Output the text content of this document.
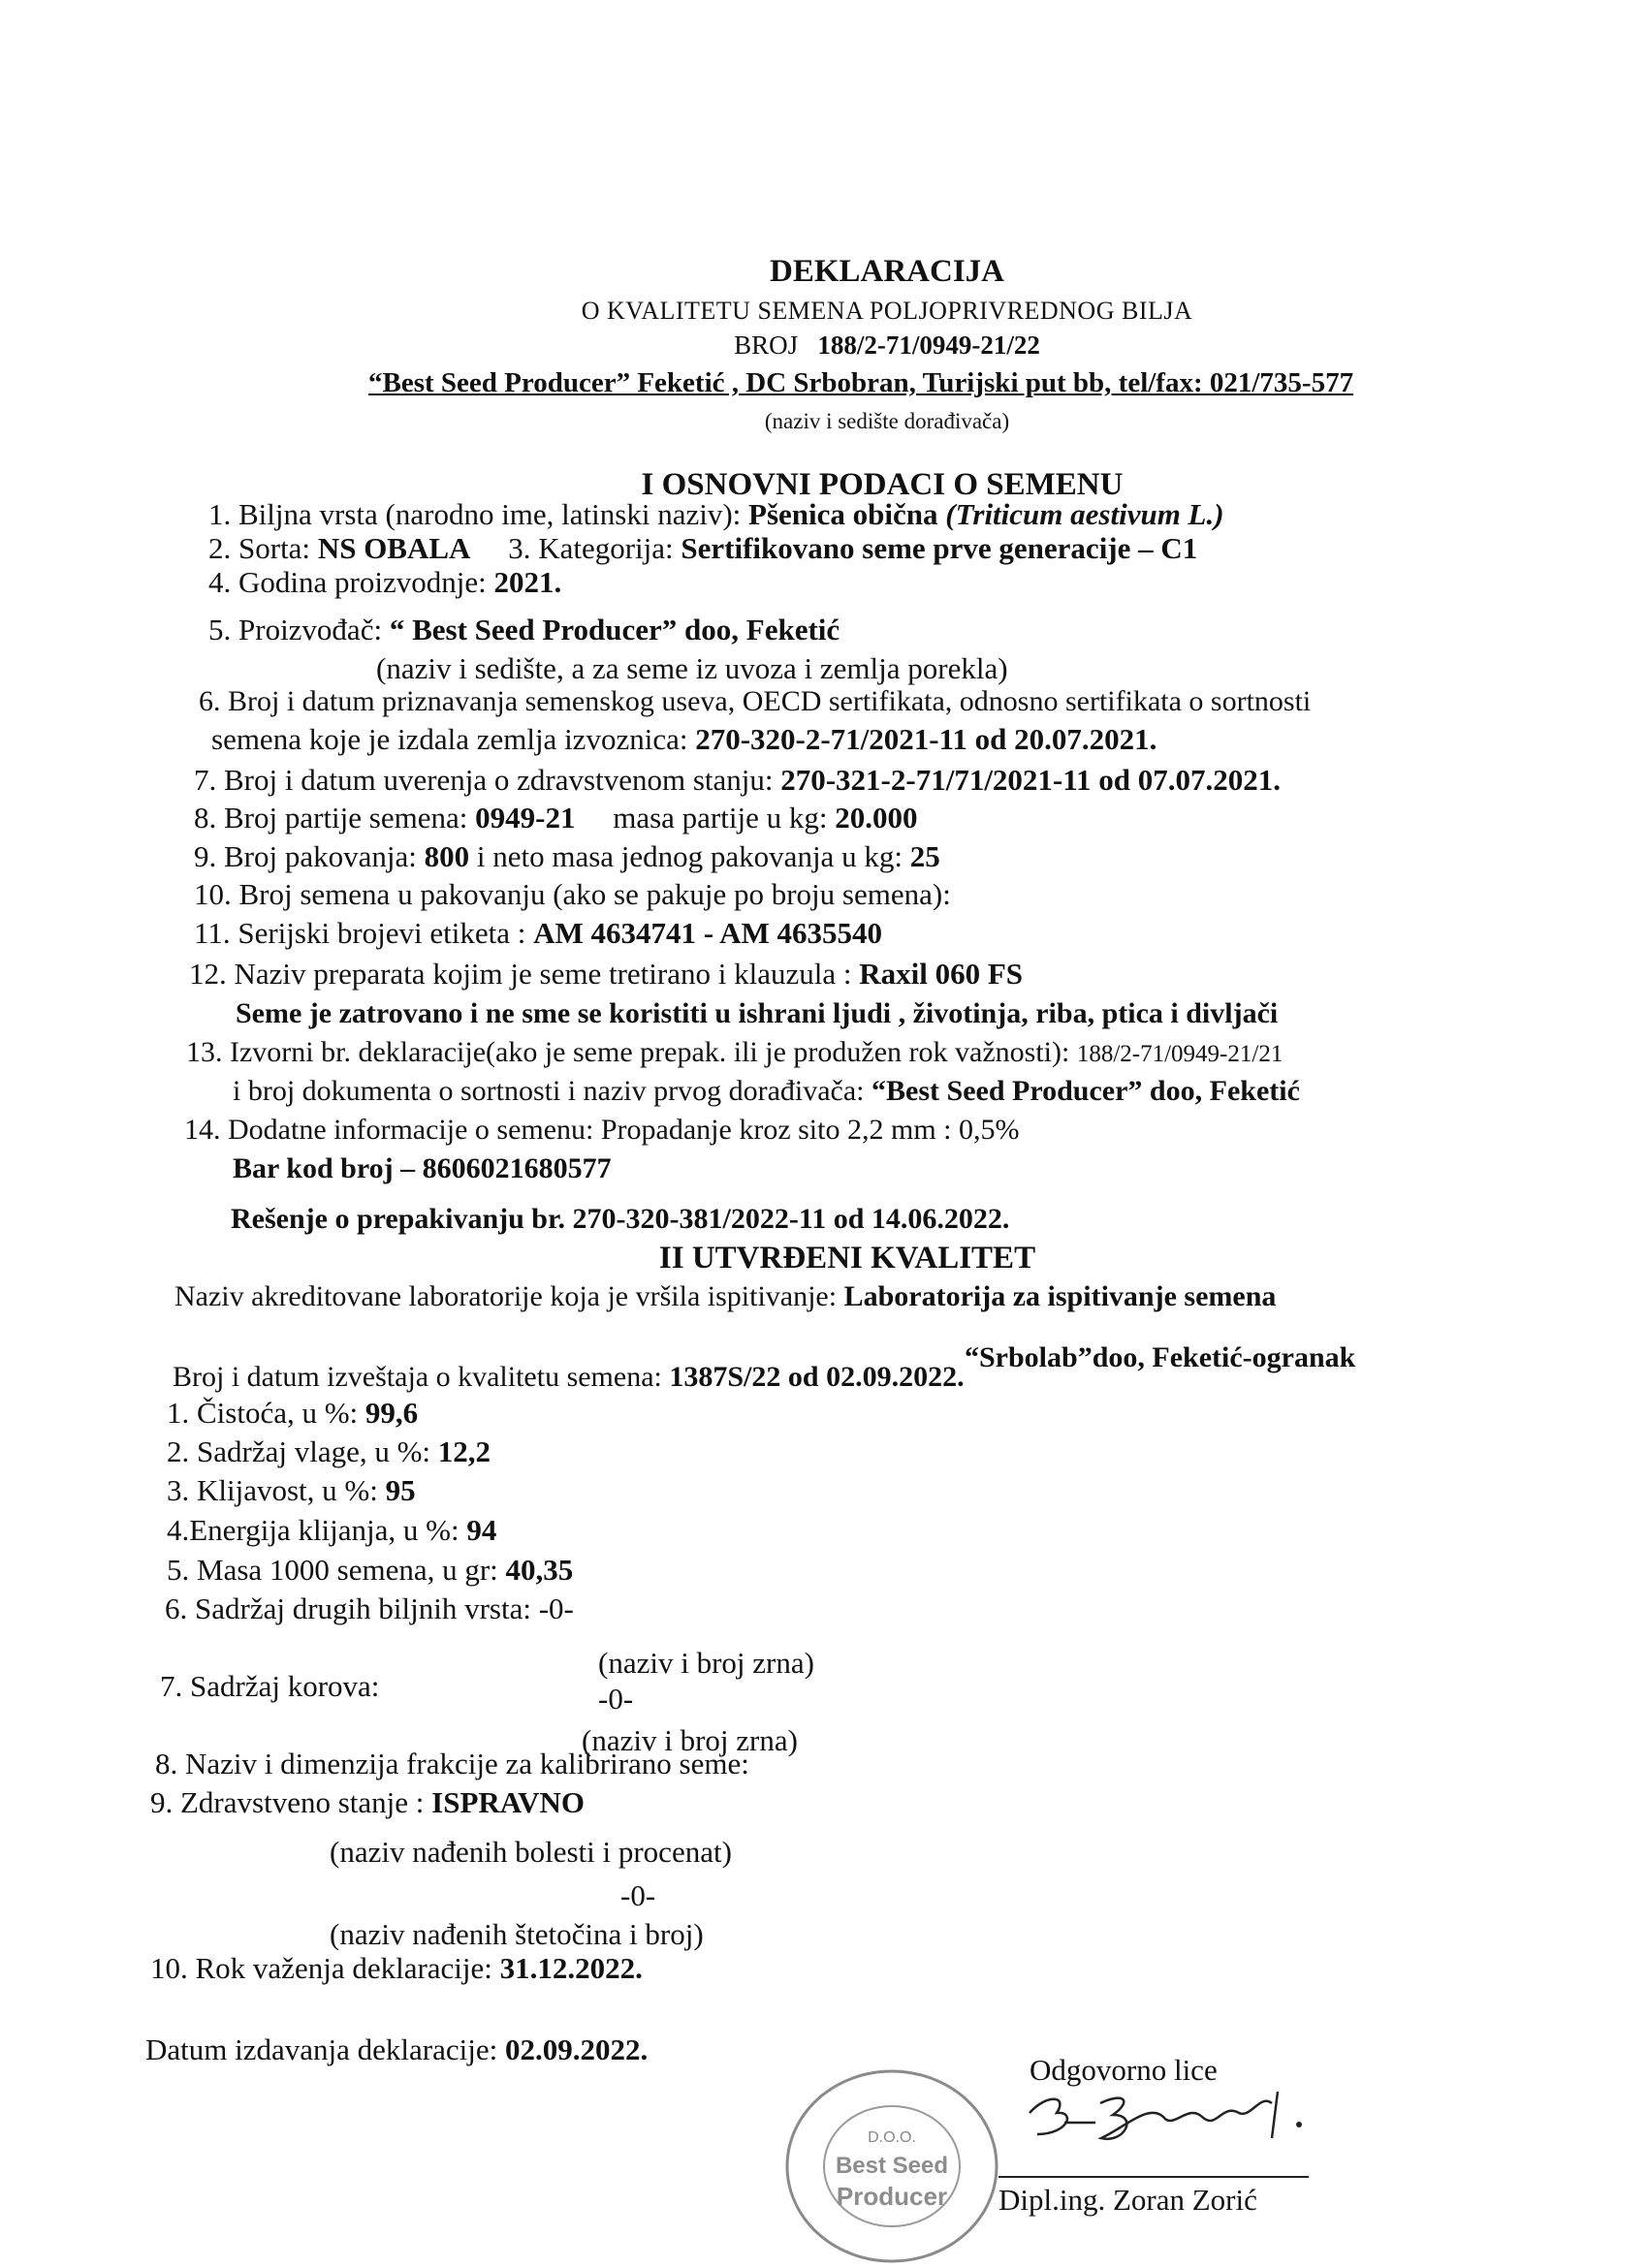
DEKLARACIJA
O KVALITETU SEMENA POLJOPRIVREDNOG BILJA
BROJ 188/2-71/0949-21/22
“Best Seed Producer” Feketić , DC Srbobran, Turijski put bb, tel/fax: 021/735-577
(naziv i sedište dorađivača)
I OSNOVNI PODACI O SEMENU
1. Biljna vrsta (narodno ime, latinski naziv): Pšenica obična (Triticum aestivum L.)
2. Sorta: NS OBALA 3. Kategorija: Sertifikovano seme prve generacije – C1
4. Godina proizvodnje: 2021.
5. Proizvođač: “ Best Seed Producer” doo, Feketić
(naziv i sedište, a za seme iz uvoza i zemlja porekla)
6. Broj i datum priznavanja semenskog useva, OECD sertifikata, odnosno sertifikata o sortnosti
semena koje je izdala zemlja izvoznica: 270-320-2-71/2021-11 od 20.07.2021.
7. Broj i datum uverenja o zdravstvenom stanju: 270-321-2-71/71/2021-11 od 07.07.2021.
8. Broj partije semena: 0949-21 masa partije u kg: 20.000
9. Broj pakovanja: 800 i neto masa jednog pakovanja u kg: 25
10. Broj semena u pakovanju (ako se pakuje po broju semena):
11. Serijski brojevi etiketa : AM 4634741 - AM 4635540
12. Naziv preparata kojim je seme tretirano i klauzula : Raxil 060 FS
Seme je zatrovano i ne sme se koristiti u ishrani ljudi , životinja, riba, ptica i divljači
13. Izvorni br. deklaracije(ako je seme prepak. ili je produžen rok važnosti): 188/2-71/0949-21/21
i broj dokumenta o sortnosti i naziv prvog dorađivača: “Best Seed Producer” doo, Feketić
14. Dodatne informacije o semenu: Propadanje kroz sito 2,2 mm : 0,5%
Bar kod broj – 8606021680577
Rešenje o prepakivanju br. 270-320-381/2022-11 od 14.06.2022.
II UTVRĐENI KVALITET
Naziv akreditovane laboratorije koja je vršila ispitivanje: Laboratorija za ispitivanje semena
“Srbolab”doo, Feketić-ogranak
Broj i datum izveštaja o kvalitetu semena: 1387S/22 od 02.09.2022.
1. Čistoća, u %: 99,6
2. Sadržaj vlage, u %: 12,2
3. Klijavost, u %: 95
4.Energija klijanja, u %: 94
5. Masa 1000 semena, u gr: 40,35
6. Sadržaj drugih biljnih vrsta: -0-
(naziv i broj zrna)
7. Sadržaj korova:	-0-
(naziv i broj zrna)
8. Naziv i dimenzija frakcije za kalibrirano seme:
9. Zdravstveno stanje : ISPRAVNO
(naziv nađenih bolesti i procenat)
-0-
(naziv nađenih štetočina i broj)
10. Rok važenja deklaracije: 31.12.2022.
Datum izdavanja deklaracije: 02.09.2022.
Odgovorno lice
D.O.O.
Best Seed
Producer Dipl.ing. Zoran Zorić
